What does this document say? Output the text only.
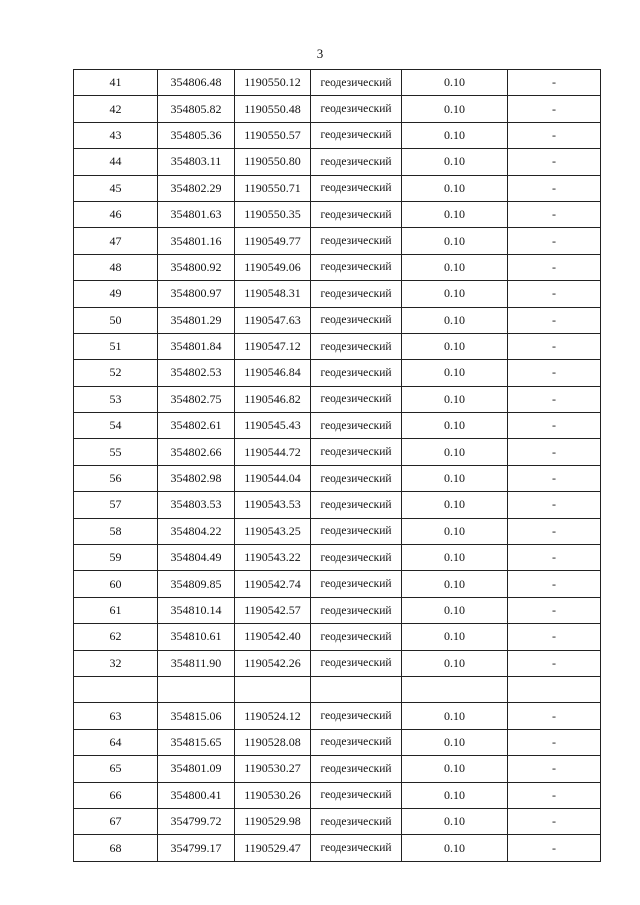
3
41	354806.48	1190550.12	геодезический	0.10	-
42	354805.82	1190550.48	геодезический	0.10	-
43	354805.36	1190550.57	геодезический	0.10	-
44	354803.11	1190550.80	геодезический	0.10	-
45	354802.29	1190550.71	геодезический	0.10	-
46	354801.63	1190550.35	геодезический	0.10	-
47	354801.16	1190549.77	геодезический	0.10	-
48	354800.92	1190549.06	геодезический	0.10	-
49	354800.97	1190548.31	геодезический	0.10	-
50	354801.29	1190547.63	геодезический	0.10	-
51	354801.84	1190547.12	геодезический	0.10	-
52	354802.53	1190546.84	геодезический	0.10	-
53	354802.75	1190546.82	геодезический	0.10	-
54	354802.61	1190545.43	геодезический	0.10	-
55	354802.66	1190544.72	геодезический	0.10	-
56	354802.98	1190544.04	геодезический	0.10	-
57	354803.53	1190543.53	геодезический	0.10	-
58	354804.22	1190543.25	геодезический	0.10	-
59	354804.49	1190543.22	геодезический	0.10	-
60	354809.85	1190542.74	геодезический	0.10	-
61	354810.14	1190542.57	геодезический	0.10	-
62	354810.61	1190542.40	геодезический	0.10	-
32	354811.90	1190542.26	геодезический	0.10	-

63	354815.06	1190524.12	геодезический	0.10	-
64	354815.65	1190528.08	геодезический	0.10	-
65	354801.09	1190530.27	геодезический	0.10	-
66	354800.41	1190530.26	геодезический	0.10	-
67	354799.72	1190529.98	геодезический	0.10	-
68	354799.17	1190529.47	геодезический	0.10	-
